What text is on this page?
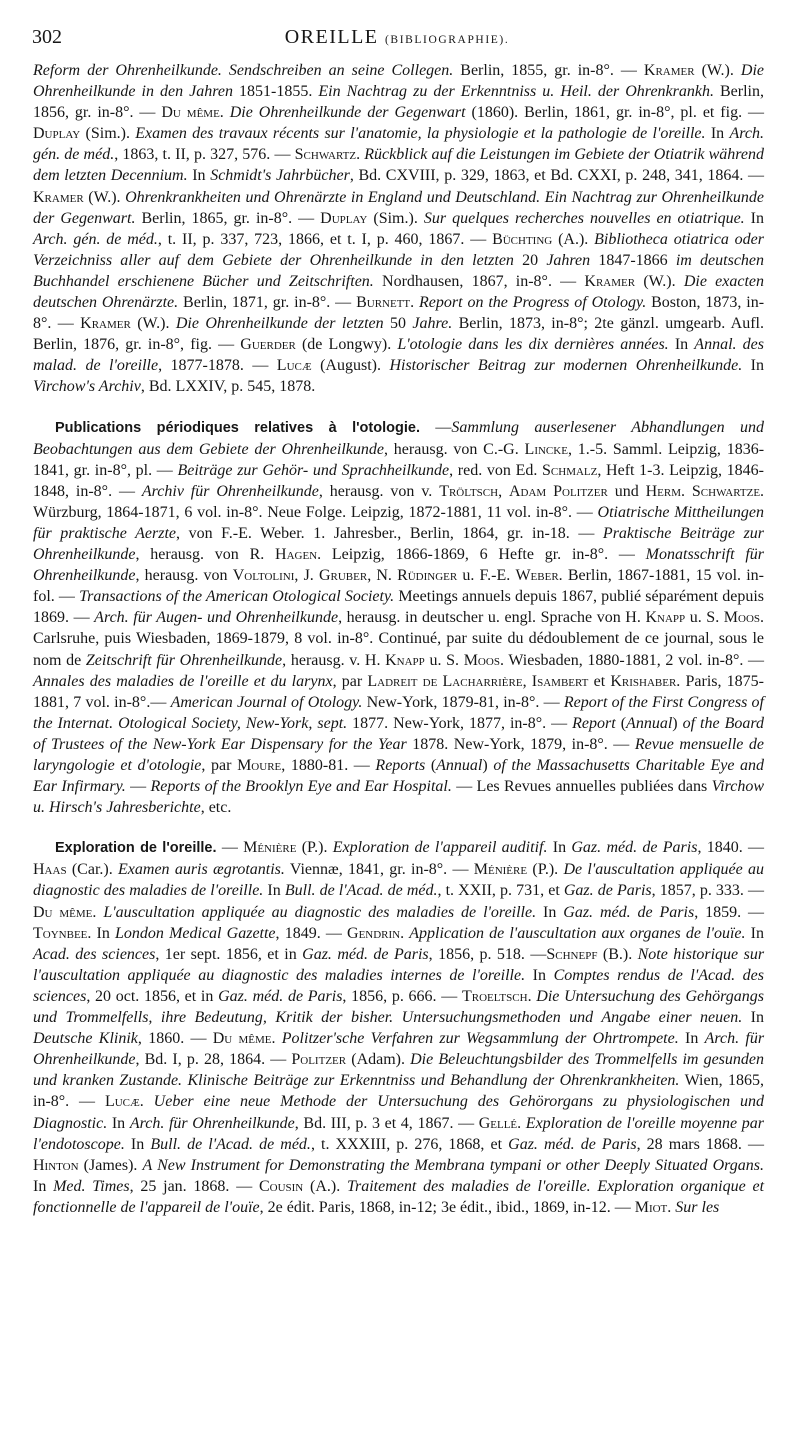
302	OREILLE (BIBLIOGRAPHIE).

Reform der Ohrenheilkunde. Sendschreiben an seine Collegen. Berlin, 1855, gr. in-8°. — Kramer (W.). Die Ohrenheilkunde in den Jahren 1851-1855. Ein Nachtrag zu der Erkenntniss u. Heil. der Ohrenkrankh. Berlin, 1856, gr. in-8°. — Du même. Die Ohrenheilkunde der Gegenwart (1860). Berlin, 1861, gr. in-8°, pl. et fig. — Duplay (Sim.). Examen des travaux récents sur l'anatomie, la physiologie et la pathologie de l'oreille. In Arch. gén. de méd., 1863, t. II, p. 327, 576. — Schwartz. Rückblick auf die Leistungen im Gebiete der Otiatrik während dem letzten Decennium. In Schmidt's Jahrbücher, Bd. CXVIII, p. 329, 1863, et Bd. CXXI, p. 248, 341, 1864. — Kramer (W.). Ohrenkrankheiten und Ohrenärzte in England und Deutschland. Ein Nachtrag zur Ohrenheilkunde der Gegenwart. Berlin, 1865, gr. in-8°. — Duplay (Sim.). Sur quelques recherches nouvelles en otiatrique. In Arch. gén. de méd., t. II, p. 337, 723, 1866, et t. I, p. 460, 1867. — Büchting (A.). Bibliotheca otiatrica oder Verzeichniss aller auf dem Gebiete der Ohrenheilkunde in den letzten 20 Jahren 1847-1866 im deutschen Buchhandel erschienene Bücher und Zeitschriften. Nordhausen, 1867, in-8°. — Kramer (W.). Die exacten deutschen Ohrenärzte. Berlin, 1871, gr. in-8°. — Burnett. Report on the Progress of Otology. Boston, 1873, in-8°. — Kramer (W.). Die Ohrenheilkunde der letzten 50 Jahre. Berlin, 1873, in-8°; 2te gänzl. umgearb. Aufl. Berlin, 1876, gr. in-8°, fig. — Guerder (de Longwy). L'otologie dans les dix dernières années. In Annal. des malad. de l'oreille, 1877-1878. — Lucæ (August). Historischer Beitrag zur modernen Ohrenheilkunde. In Virchow's Archiv, Bd. LXXIV, p. 545, 1878.

Publications périodiques relatives à l'otologie. —Sammlung auserlesener Abhandlungen und Beobachtungen aus dem Gebiete der Ohrenheilkunde, herausg. von C.-G. Lincke, 1.-5. Samml. Leipzig, 1836-1841, gr. in-8°, pl. — Beiträge zur Gehör- und Sprachheilkunde, red. von Ed. Schmalz, Heft 1-3. Leipzig, 1846-1848, in-8°. — Archiv für Ohrenheilkunde, herausg. von v. Tröltsch, Adam Politzer und Herm. Schwartze. Würzburg, 1864-1871, 6 vol. in-8°. Neue Folge. Leipzig, 1872-1881, 11 vol. in-8°. — Otiatrische Mittheilungen für praktische Aerzte, von F.-E. Weber. 1. Jahresber., Berlin, 1864, gr. in-18. — Praktische Beiträge zur Ohrenheilkunde, herausg. von R. Hagen. Leipzig, 1866-1869, 6 Hefte gr. in-8°. — Monatsschrift für Ohrenheilkunde, herausg. von Voltolini, J. Gruber, N. Rüdinger u. F.-E. Weber. Berlin, 1867-1881, 15 vol. in-fol. — Transactions of the American Otological Society. Meetings annuels depuis 1867, publié séparément depuis 1869. — Arch. für Augen- und Ohrenheilkunde, herausg. in deutscher u. engl. Sprache von H. Knapp u. S. Moos. Carlsruhe, puis Wiesbaden, 1869-1879, 8 vol. in-8°. Continué, par suite du dédoublement de ce journal, sous le nom de Zeitschrift für Ohrenheilkunde, herausg. v. H. Knapp u. S. Moos. Wiesbaden, 1880-1881, 2 vol. in-8°. — Annales des maladies de l'oreille et du larynx, par Ladreit de Lacharrière, Isambert et Krishaber. Paris, 1875-1881, 7 vol. in-8°.— American Journal of Otology. New-York, 1879-81, in-8°. — Report of the First Congress of the Internat. Otological Society, New-York, sept. 1877. New-York, 1877, in-8°. — Report (Annual) of the Board of Trustees of the New-York Ear Dispensary for the Year 1878. New-York, 1879, in-8°. — Revue mensuelle de laryngologie et d'otologie, par Moure, 1880-81. — Reports (Annual) of the Massachusetts Charitable Eye and Ear Infirmary. — Reports of the Brooklyn Eye and Ear Hospital. — Les Revues annuelles publiées dans Virchow u. Hirsch's Jahresberichte, etc.

Exploration de l'oreille. — Ménière (P.). Exploration de l'appareil auditif. In Gaz. méd. de Paris, 1840. — Haas (Car.). Examen auris ægrotantis. Viennæ, 1841, gr. in-8°. — Ménière (P.). De l'auscultation appliquée au diagnostic des maladies de l'oreille. In Bull. de l'Acad. de méd., t. XXII, p. 731, et Gaz. de Paris, 1857, p. 333. — Du même. L'auscultation appliquée au diagnostic des maladies de l'oreille. In Gaz. méd. de Paris, 1859. — Toynbee. In London Medical Gazette, 1849. — Gendrin. Application de l'auscultation aux organes de l'ouïe. In Acad. des sciences, 1er sept. 1856, et in Gaz. méd. de Paris, 1856, p. 518. —Schnepf (B.). Note historique sur l'auscultation appliquée au diagnostic des maladies internes de l'oreille. In Comptes rendus de l'Acad. des sciences, 20 oct. 1856, et in Gaz. méd. de Paris, 1856, p. 666. — Troeltsch. Die Untersuchung des Gehörgangs und Trommelfells, ihre Bedeutung, Kritik der bisher. Untersuchungsmethoden und Angabe einer neuen. In Deutsche Klinik, 1860. — Du même. Politzer'sche Verfahren zur Wegsammlung der Ohrtrompete. In Arch. für Ohrenheilkunde, Bd. I, p. 28, 1864. — Politzer (Adam). Die Beleuchtungsbilder des Trommelfells im gesunden und kranken Zustande. Klinische Beiträge zur Erkenntniss und Behandlung der Ohrenkrankheiten. Wien, 1865, in-8°. — Lucæ. Ueber eine neue Methode der Untersuchung des Gehörorgans zu physiologischen und Diagnostic. In Arch. für Ohrenheilkunde, Bd. III, p. 3 et 4, 1867. — Gellé. Exploration de l'oreille moyenne par l'endotoscope. In Bull. de l'Acad. de méd., t. XXXIII, p. 276, 1868, et Gaz. méd. de Paris, 28 mars 1868. — Hinton (James). A New Instrument for Demonstrating the Membrana tympani or other Deeply Situated Organs. In Med. Times, 25 jan. 1868. — Cousin (A.). Traitement des maladies de l'oreille. Exploration organique et fonctionnelle de l'appareil de l'ouïe, 2e édit. Paris, 1868, in-12; 3e édit., ibid., 1869, in-12. — Miot. Sur les
